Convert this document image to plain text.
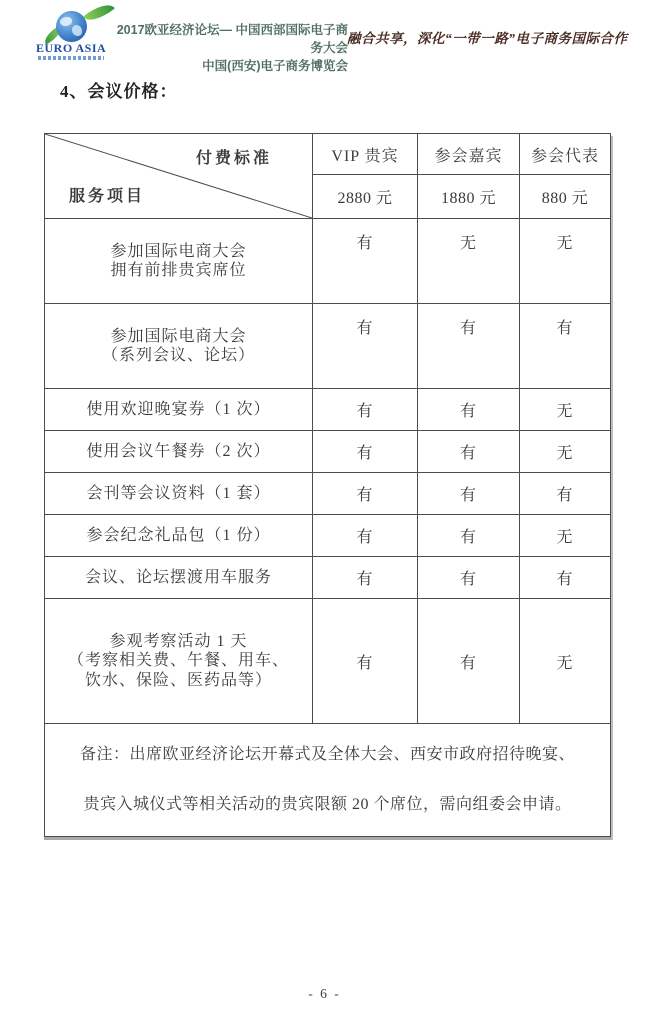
EURO ASIA
2017欧亚经济论坛— 中国西部国际电子商务大会
中国(西安)电子商务博览会
融合共享，深化“一带一路”电子商务国际合作
4、会议价格：
付费标准
服务项目	VIP 贵宾	参会嘉宾	参会代表
	2880 元	1880 元	880 元

参加国际电商大会
拥有前排贵宾席位	有	无	无

参加国际电商大会
（系列会议、论坛）	有	有	有

使用欢迎晚宴券（1 次）	有	有	无

使用会议午餐券（2 次）	有	有	无

会刊等会议资料（1 套）	有	有	有

参会纪念礼品包（1 份）	有	有	无

会议、论坛摆渡用车服务	有	有	有

参观考察活动 1 天
（考察相关费、午餐、用车、
饮水、保险、医药品等）	有	有	无

备注：出席欧亚经济论坛开幕式及全体大会、西安市政府招待晚宴、
贵宾入城仪式等相关活动的贵宾限额 20 个席位，需向组委会申请。			
- 6 -
